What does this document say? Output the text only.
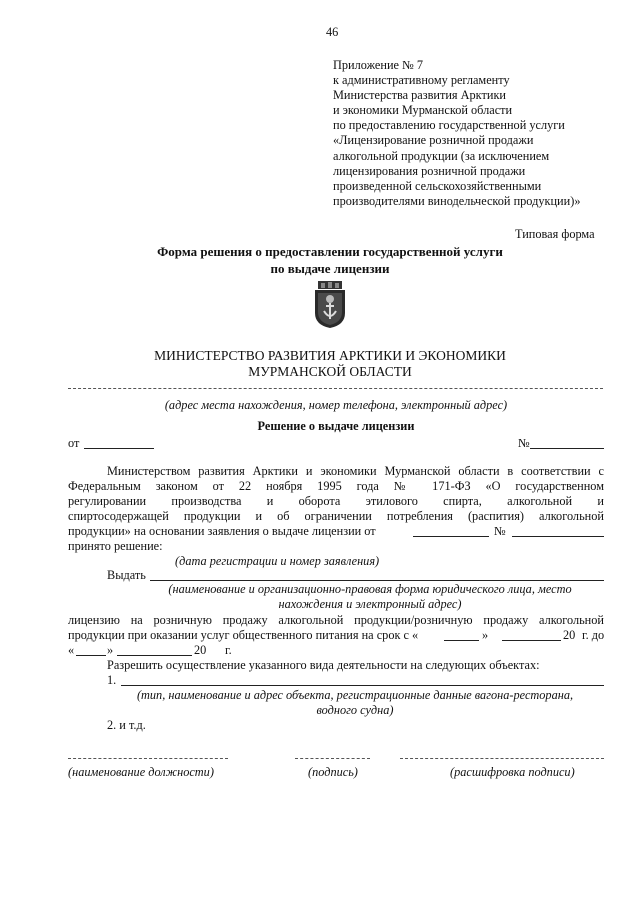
46
Приложение № 7
к административному регламенту
Министерства развития Арктики
и экономики Мурманской области
по предоставлению государственной услуги
«Лицензирование розничной продажи
алкогольной продукции (за исключением
лицензирования розничной продажи
произведенной сельскохозяйственными
производителями винодельческой продукции)»
Типовая форма
Форма решения о предоставлении государственной услуги
по выдаче лицензии
МИНИСТЕРСТВО РАЗВИТИЯ АРКТИКИ И ЭКОНОМИКИ
МУРМАНСКОЙ ОБЛАСТИ
(адрес места нахождения, номер телефона, электронный адрес)
Решение о выдаче лицензии
от	№
Министерством развития Арктики и экономики Мурманской области в соответствии с
Федеральным законом от 22 ноября 1995 года № 171-ФЗ «О государственном
регулировании производства и оборота этилового спирта, алкогольной и
спиртосодержащей продукции и об ограничении потребления (распития) алкогольной
продукции» на основании заявления о выдаче лицензии от	№
принято решение:
(дата регистрации и номер заявления)
Выдать
(наименование и организационно-правовая форма юридического лица, место
нахождения и электронный адрес)
лицензию на розничную продажу алкогольной продукции/розничную продажу алкогольной
продукции при оказании услуг общественного питания на срок с «	»	20 г. до
«	»	20 г.
Разрешить осуществление указанного вида деятельности на следующих объектах:
1.
(тип, наименование и адрес объекта, регистрационные данные вагона-ресторана,
водного судна)
2. и т.д.
(наименование должности)	(подпись)	(расшифровка подписи)
